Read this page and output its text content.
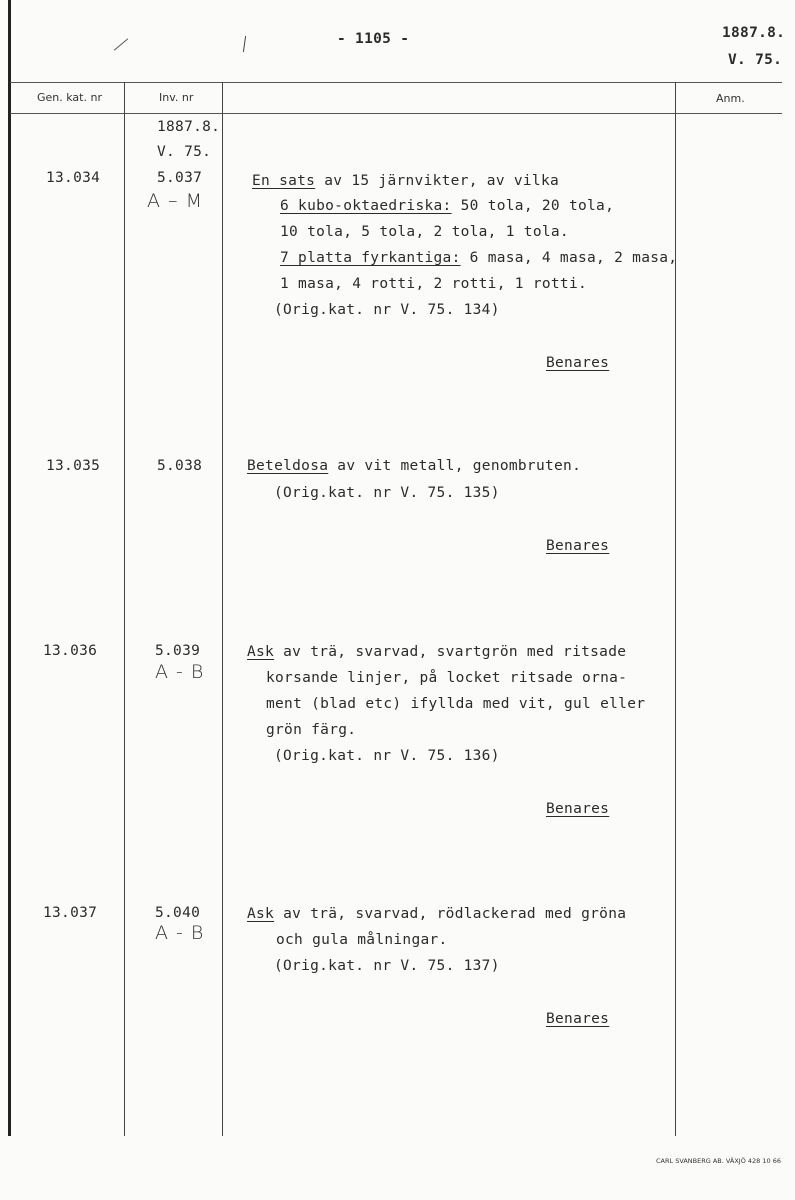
- 1105 -	1887.8.
V. 75.
Gen. kat. nr	Inv. nr	Anm.
1887.8.
V. 75.
13.034	5.037
A – M
En sats av 15 järnvikter, av vilka
6 kubo-oktaedriska: 50 tola, 20 tola,
10 tola, 5 tola, 2 tola, 1 tola.
7 platta fyrkantiga: 6 masa, 4 masa, 2 masa,
1 masa, 4 rotti, 2 rotti, 1 rotti.
(Orig.kat. nr V. 75. 134)
Benares
13.035	5.038	Beteldosa av vit metall, genombruten.
(Orig.kat. nr V. 75. 135)
Benares
13.036	5.039
A - B
Ask av trä, svarvad, svartgrön med ritsade
korsande linjer, på locket ritsade orna-
ment (blad etc) ifyllda med vit, gul eller
grön färg.
(Orig.kat. nr V. 75. 136)
Benares
13.037	5.040
A - B
Ask av trä, svarvad, rödlackerad med gröna
och gula målningar.
(Orig.kat. nr V. 75. 137)
Benares
CARL SVANBERG AB. VÄXJÖ 428 10 66
